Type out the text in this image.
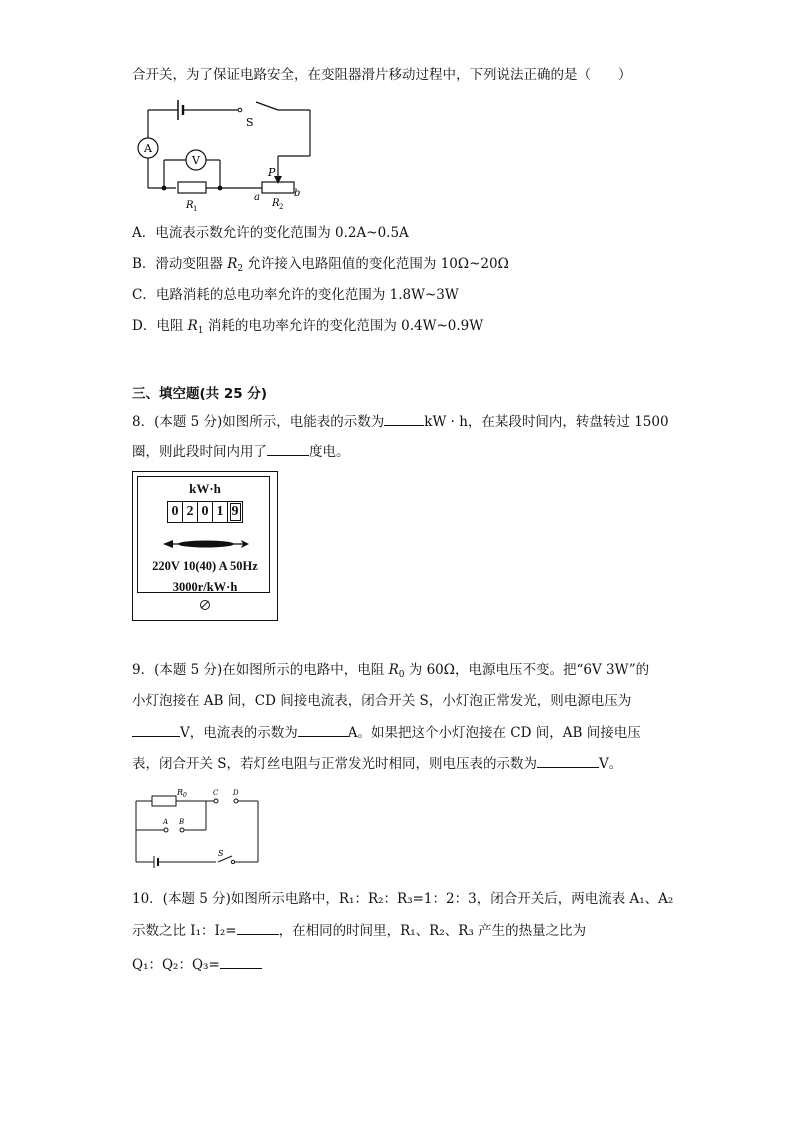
合开关，为了保证电路安全，在变阻器滑片移动过程中，下列说法正确的是（　　）
A
V
S
P
R 1	R 2
a	b
A．电流表示数允许的变化范围为 0.2A~0.5A
B．滑动变阻器 $R_2$ 允许接入电路阻值的变化范围为 10Ω~20Ω
C．电路消耗的总电功率允许的变化范围为 1.8W~3W
D．电阻 $R_1$ 消耗的电功率允许的变化范围为 0.4W~0.9W
三、填空题(共 25 分)
8．(本题 5 分)如图所示，电能表的示数为	kW · h，在某段时间内，转盘转过 1500
圈，则此段时间内用了	度电。
kW·h
0 2 0 1 9
220V 10(40) A 50Hz
3000r/kW·h
9．(本题 5 分)在如图所示的电路中，电阻 $R_0$ 为 60Ω，电源电压不变。把“6V 3W”的
小灯泡接在 AB 间，CD 间接电流表，闭合开关 S，小灯泡正常发光，则电源电压为
V，电流表的示数为	A。如果把这个小灯泡接在 CD 间，AB 间接电压
表，闭合开关 S，若灯丝电阻与正常发光时相同，则电压表的示数为	V。
R 0	C D
A B
S
10．(本题 5 分)如图所示电路中，R₁：R₂：R₃=1：2：3，闭合开关后，两电流表 A₁、A₂
示数之比 I₁：I₂=	，在相同的时间里，R₁、R₂、R₃ 产生的热量之比为
Q₁：Q₂：Q₃=
